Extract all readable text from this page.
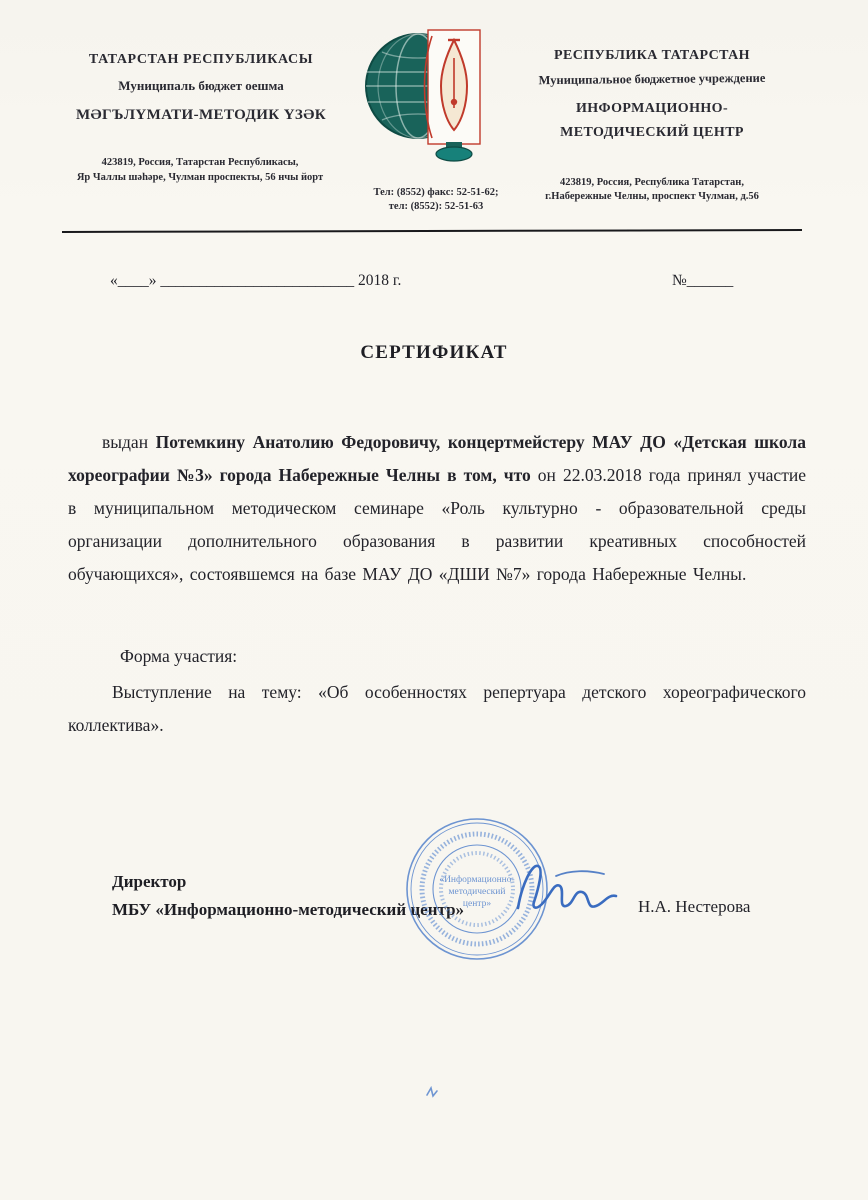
ТАТАРСТАН РЕСПУБЛИКАСЫ
Муниципаль бюджет оешма
МӘГЪЛҮМАТИ-МЕТОДИК ҮЗӘК
423819, Россия, Татарстан Республикасы,
Яр Чаллы шәһәре, Чулман проспекты, 56 нчы йорт
Тел: (8552) факс: 52-51-62;
тел: (8552): 52-51-63
РЕСПУБЛИКА ТАТАРСТАН
Муниципальное бюджетное учреждение
ИНФОРМАЦИОННО-
МЕТОДИЧЕСКИЙ ЦЕНТР
423819, Россия, Республика Татарстан,
г.Набережные Челны, проспект Чулман, д.56
«____» _________________________ 2018 г.	№______
СЕРТИФИКАТ

выдан Потемкину Анатолию Федоровичу, концертмейстеру МАУ ДО «Детская школа хореографии №3» города Набережные Челны в том, что он 22.03.2018 года принял участие в муниципальном методическом семинаре «Роль культурно - образовательной среды организации дополнительного образования в развитии креативных способностей обучающихся», состоявшемся на базе МАУ ДО «ДШИ №7» города Набережные Челны.

Форма участия:
Выступление на тему: «Об особенностях репертуара детского хореографического коллектива».
Директор
МБУ «Информационно-методический центр»	Н.А. Нестерова
«Информационно-
методический
центр»
